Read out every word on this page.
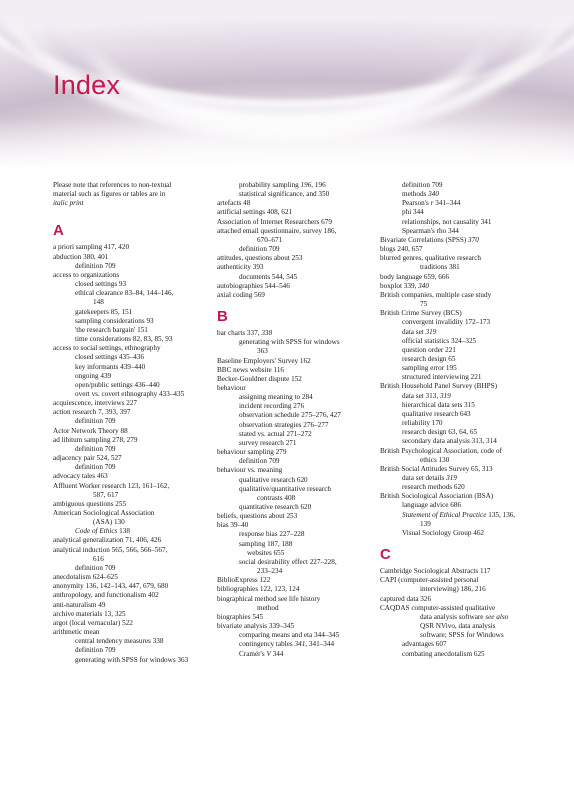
Index

Please note that references to non-textual

material such as figures or tables are in

italic print

A

a priori sampling 417, 420

abduction 380, 401

definition 709

access to organizations

closed settings 93

ethical clearance 83–84, 144–146,

148

gatekeepers 85, 151

sampling considerations 93

'the research bargain' 151

time considerations 82, 83, 85, 93

access to social settings, ethnography

closed settings 435–436

key informants 439–440

ongoing 439

open/public settings 436–440

overt vs. covert ethnography 433–435

acquiescence, interviews 227

action research 7, 393, 397

definition 709

Actor Network Theory 88

ad libitum sampling 278, 279

definition 709

adjacency pair 524, 527

definition 709

advocacy tales 463

Affluent Worker research 123, 161–162,

587, 617

ambiguous questions 255

American Sociological Association

(ASA) 130

Code of Ethics 138

analytical generalization 71, 406, 426

analytical induction 565, 566, 566–567,

616

definition 709

anecdotalism 624–625

anonymity 136, 142–143, 447, 679, 680

anthropology, and functionalism 402

anti-naturalism 49

archive materials 13, 325

argot (local vernacular) 522

arithmetic mean

central tendency measures 338

definition 709

generating with SPSS for windows 363

probability sampling 196, 196

statistical significance, and 350

artefacts 48

artificial settings 408, 621

Association of Internet Researchers 679

attached email questionnaire, survey 186,

670–671

definition 709

attitudes, questions about 253

authenticity 393

documents 544, 545

autobiographies 544–546

axial coding 569

B

bar charts 337, 338

generating with SPSS for windows

363

Baseline Employers' Survey 162

BBC news website 116

Becker-Gouldner dispute 152

behaviour

assigning meaning to 284

incident recording 276

observation schedule 275–276, 427

observation strategies 276–277

stated vs. actual 271–272

survey research 271

behaviour sampling 279

definition 709

behaviour vs. meaning

qualitative research 620

qualitative/quantitative research

contrasts 408

quantitative research 620

beliefs, questions about 253

bias 39–40

response bias 227–228

sampling 187, 188

websites 655

social desirability effect 227–228,

233–234

BiblioExpress 122

bibliographies 122, 123, 124

biographical method see life history

method

biographies 545

bivariate analysis 339–345

comparing means and eta 344–345

contingency tables 341, 341–344

Cramér's V 344

definition 709

methods 340

Pearson's r 341–344

phi 344

relationships, not causality 341

Spearman's rho 344

Bivariate Correlations (SPSS) 370

blogs 240, 657

blurred genres, qualitative research

traditions 381

body language 659, 666

boxplot 339, 340

British companies, multiple case study

75

British Crime Survey (BCS)

convergent invalidity 172–173

data set 319

official statistics 324–325

question order 221

research design 65

sampling error 195

structured interviewing 221

British Household Panel Survey (BHPS)

data set 313, 319

hierarchical data sets 315

qualitative research 643

reliability 170

research design 63, 64, 65

secondary data analysis 313, 314

British Psychological Association, code of

ethics 130

British Social Attitudes Survey 65, 313

data set details 319

research methods 620

British Sociological Association (BSA)

language advice 686

Statement of Ethical Practice 135, 136,

139

Visual Sociology Group 462

C

Cambridge Sociological Abstracts 117

CAPI (computer-assisted personal

interviewing) 186, 216

captured data 326

CAQDAS computer-assisted qualitative

data analysis software see also

QSR NVivo, data analysis

software; SPSS for Windows

advantages 607

combating anecdotalism 625
